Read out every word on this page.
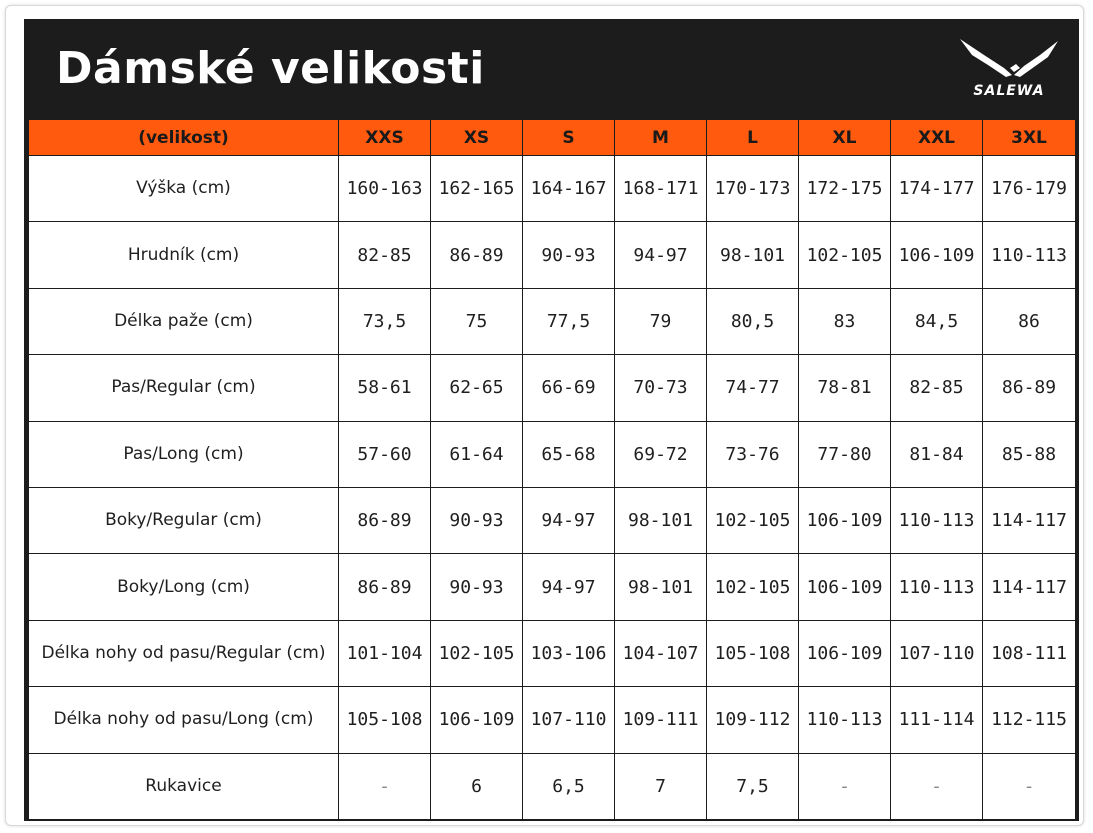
Dámské velikosti	SALEWA
(velikost)	XXS	XS	S	M	L	XL	XXL	3XL
Výška (cm)	160-163	162-165	164-167	168-171	170-173	172-175	174-177	176-179
Hrudník (cm)	82-85	86-89	90-93	94-97	98-101	102-105	106-109	110-113
Délka paže (cm)	73,5	75	77,5	79	80,5	83	84,5	86
Pas/Regular (cm)	58-61	62-65	66-69	70-73	74-77	78-81	82-85	86-89
Pas/Long (cm)	57-60	61-64	65-68	69-72	73-76	77-80	81-84	85-88
Boky/Regular (cm)	86-89	90-93	94-97	98-101	102-105	106-109	110-113	114-117
Boky/Long (cm)	86-89	90-93	94-97	98-101	102-105	106-109	110-113	114-117
Délka nohy od pasu/Regular (cm)	101-104	102-105	103-106	104-107	105-108	106-109	107-110	108-111
Délka nohy od pasu/Long (cm)	105-108	106-109	107-110	109-111	109-112	110-113	111-114	112-115
Rukavice	-	6	6,5	7	7,5	-	-	-
